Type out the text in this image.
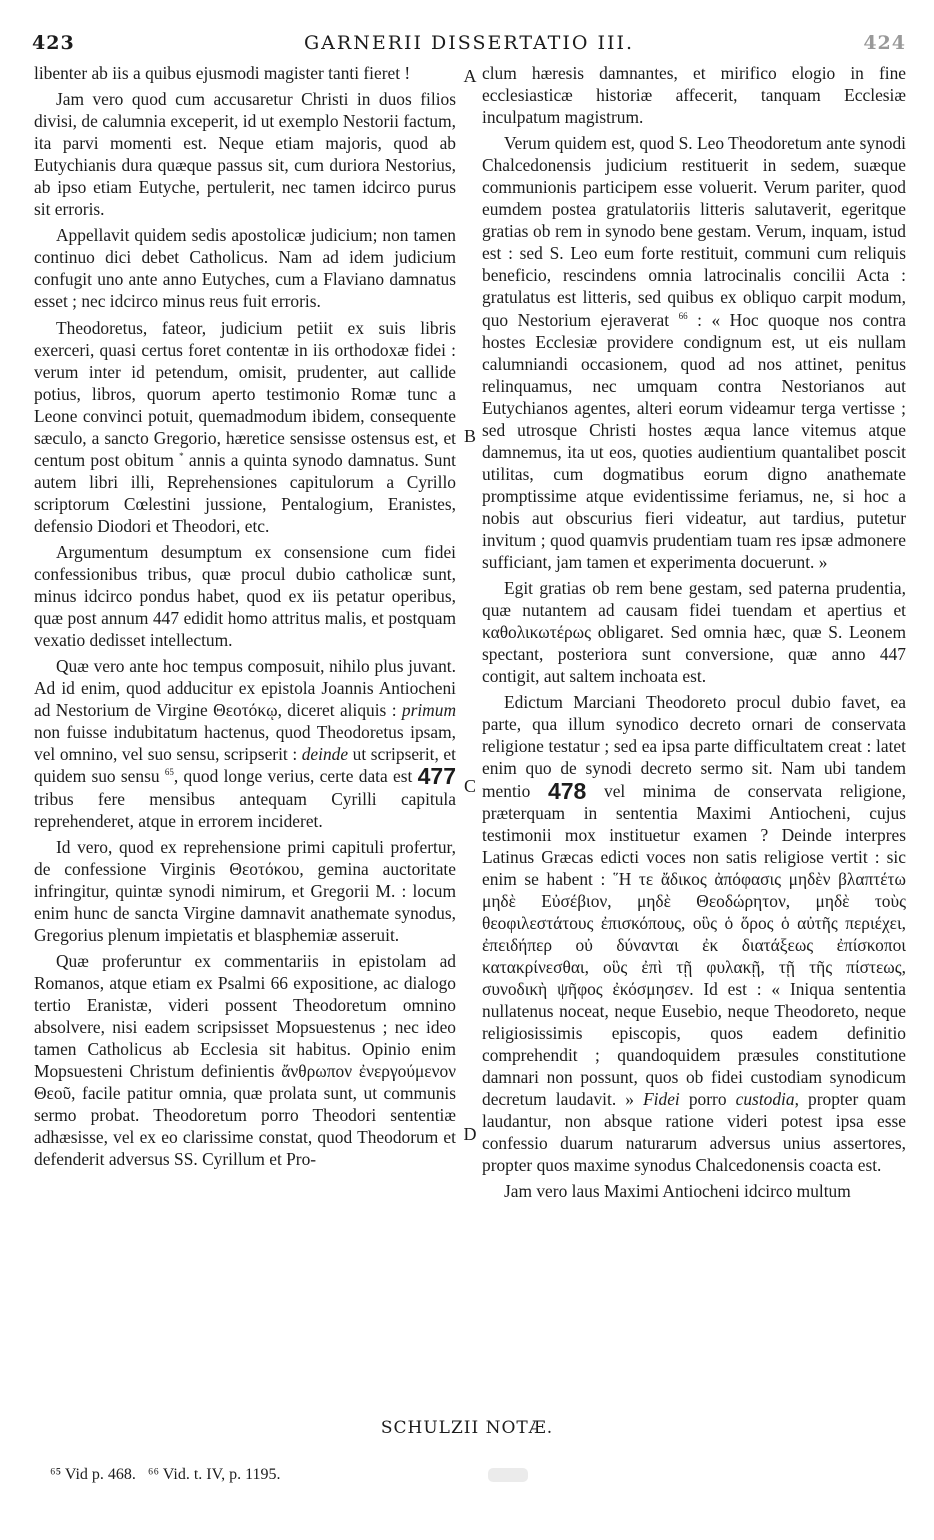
423	GARNERII DISSERTATIO III.	424

libenter ab iis a quibus ejusmodi magister tanti fieret !

Jam vero quod cum accusaretur Christi in duos filios divisi, de calumnia exceperit, id ut exemplo Nestorii factum, ita parvi momenti est. Neque etiam majoris, quod ab Eutychianis dura quæque passus sit, cum duriora Nestorius, ab ipso etiam Eutyche, pertulerit, nec tamen idcirco purus sit erroris.

Appellavit quidem sedis apostolicæ judicium; non tamen continuo dici debet Catholicus. Nam ad idem judicium confugit uno ante anno Eutyches, cum a Flaviano damnatus esset ; nec idcirco minus reus fuit erroris.

Theodoretus, fateor, judicium petiit ex suis libris exerceri, quasi certus foret contentæ in iis orthodoxæ fidei : verum inter id petendum, omisit, prudenter, aut callide potius, libros, quorum aperto testimonio Romæ tunc a Leone convinci potuit, quemadmodum ibidem, consequente sæculo, a sancto Gregorio, hæretice sensisse ostensus est, et centum post obitum * annis a quinta synodo damnatus. Sunt autem libri illi, Reprehensiones capitulorum a Cyrillo scriptorum Cœlestini jussione, Pentalogium, Eranistes, defensio Diodori et Theodori, etc.

Argumentum desumptum ex consensione cum fidei confessionibus tribus, quæ procul dubio catholicæ sunt, minus idcirco pondus habet, quod ex iis petatur operibus, quæ post annum 447 edidit homo attritus malis, et postquam vexatio dedisset intellectum.

Quæ vero ante hoc tempus composuit, nihilo plus juvant. Ad id enim, quod adducitur ex epistola Joannis Antiocheni ad Nestorium de Virgine Θεοτόκῳ, diceret aliquis : primum non fuisse indubitatum hactenus, quod Theodoretus ipsam, vel omnino, vel suo sensu, scripserit : deinde ut scripserit, et quidem suo sensu $^{65}$, quod longe verius, certe data est 477 tribus fere mensibus antequam Cyrilli capitula reprehenderet, atque in errorem incideret.

Id vero, quod ex reprehensione primi capituli profertur, de confessione Virginis Θεοτόκου, gemina auctoritate infringitur, quintæ synodi nimirum, et Gregorii M. : locum enim hunc de sancta Virgine damnavit anathemate synodus, Gregorius plenum impietatis et blasphemiæ asseruit.

Quæ proferuntur ex commentariis in epistolam ad Romanos, atque etiam ex Psalmi 66 expositione, ac dialogo tertio Eranistæ, videri possent Theodoretum omnino absolvere, nisi eadem scripsisset Mopsuestenus ; nec ideo tamen Catholicus ab Ecclesia sit habitus. Opinio enim Mopsuesteni Christum definientis ἄνθρωπον ἐνεργούμενον Θεοῦ, facile patitur omnia, quæ prolata sunt, ut communis sermo probat. Theodoretum porro Theodori sententiæ adhæsisse, vel ex eo clarissime constat, quod Theodorum et defenderit adversus SS. Cyrillum et Pro-

clum hæresis damnantes, et mirifico elogio in fine ecclesiasticæ historiæ affecerit, tanquam Ecclesiæ inculpatum magistrum.

Verum quidem est, quod S. Leo Theodoretum ante synodi Chalcedonensis judicium restituerit in sedem, suæque communionis participem esse voluerit. Verum pariter, quod eumdem postea gratulatoriis litteris salutaverit, egeritque gratias ob rem in synodo bene gestam. Verum, inquam, istud est : sed S. Leo eum forte restituit, communi cum reliquis beneficio, rescindens omnia latrocinalis concilii Acta : gratulatus est litteris, sed quibus ex obliquo carpit modum, quo Nestorium ejeraverat $^{66}$ : « Hoc quoque nos contra hostes Ecclesiæ providere condignum est, ut eis nullam calumniandi occasionem, quod ad nos attinet, penitus relinquamus, nec umquam contra Nestorianos aut Eutychianos agentes, alteri eorum videamur terga vertisse ; sed utrosque Christi hostes æqua lance vitemus atque damnemus, ita ut eos, quoties audientium quantalibet poscit utilitas, cum dogmatibus eorum digno anathemate promptissime atque evidentissime feriamus, ne, si hoc a nobis aut obscurius fieri videatur, aut tardius, putetur invitum ; quod quamvis prudentiam tuam res ipsæ admonere sufficiant, jam tamen et experimenta docuerunt. »

Egit gratias ob rem bene gestam, sed paterna prudentia, quæ nutantem ad causam fidei tuendam et apertius et καθολικωτέρως obligaret. Sed omnia hæc, quæ S. Leonem spectant, posteriora sunt conversione, quæ anno 447 contigit, aut saltem inchoata est.

Edictum Marciani Theodoreto procul dubio favet, ea parte, qua illum synodico decreto ornari de conservata religione testatur ; sed ea ipsa parte difficultatem creat : latet enim quo de synodi decreto sermo sit. Nam ubi tandem mentio 478 vel minima de conservata religione, præterquam in sententia Maximi Antiocheni, cujus testimonii mox instituetur examen ? Deinde interpres Latinus Græcas edicti voces non satis religiose vertit : sic enim se habent : ῞Η τε ἄδικος ἀπόφασις μηδὲν βλαπτέτω μηδὲ Εὐσέβιον, μηδὲ Θεοδώρητον, μηδὲ τοὺς θεοφιλεστάτους ἐπισκόπους, οὓς ὁ ὅρος ὁ αὐτῆς περιέχει, ἐπειδήπερ οὐ δύνανται ἐκ διατάξεως ἐπίσκοποι κατακρίνεσθαι, οὓς ἐπὶ τῇ φυλακῇ, τῇ τῆς πίστεως, συνοδικὴ ψῆφος ἐκόσμησεν. Id est : « Iniqua sententia nullatenus noceat, neque Eusebio, neque Theodoreto, neque religiosissimis episcopis, quos eadem definitio comprehendit ; quandoquidem præsules constitutione damnari non possunt, quos ob fidei custodiam synodicum decretum laudavit. » Fidei porro custodia, propter quam laudantur, non absque ratione videri potest ipsa esse confessio duarum naturarum adversus unius assertores, propter quos maxime synodus Chalcedonensis coacta est.

Jam vero laus Maximi Antiocheni idcirco multum

A
B
C
D
SCHULZII NOTÆ.
⁶⁵ Vid p. 468.   ⁶⁶ Vid. t. IV, p. 1195.
